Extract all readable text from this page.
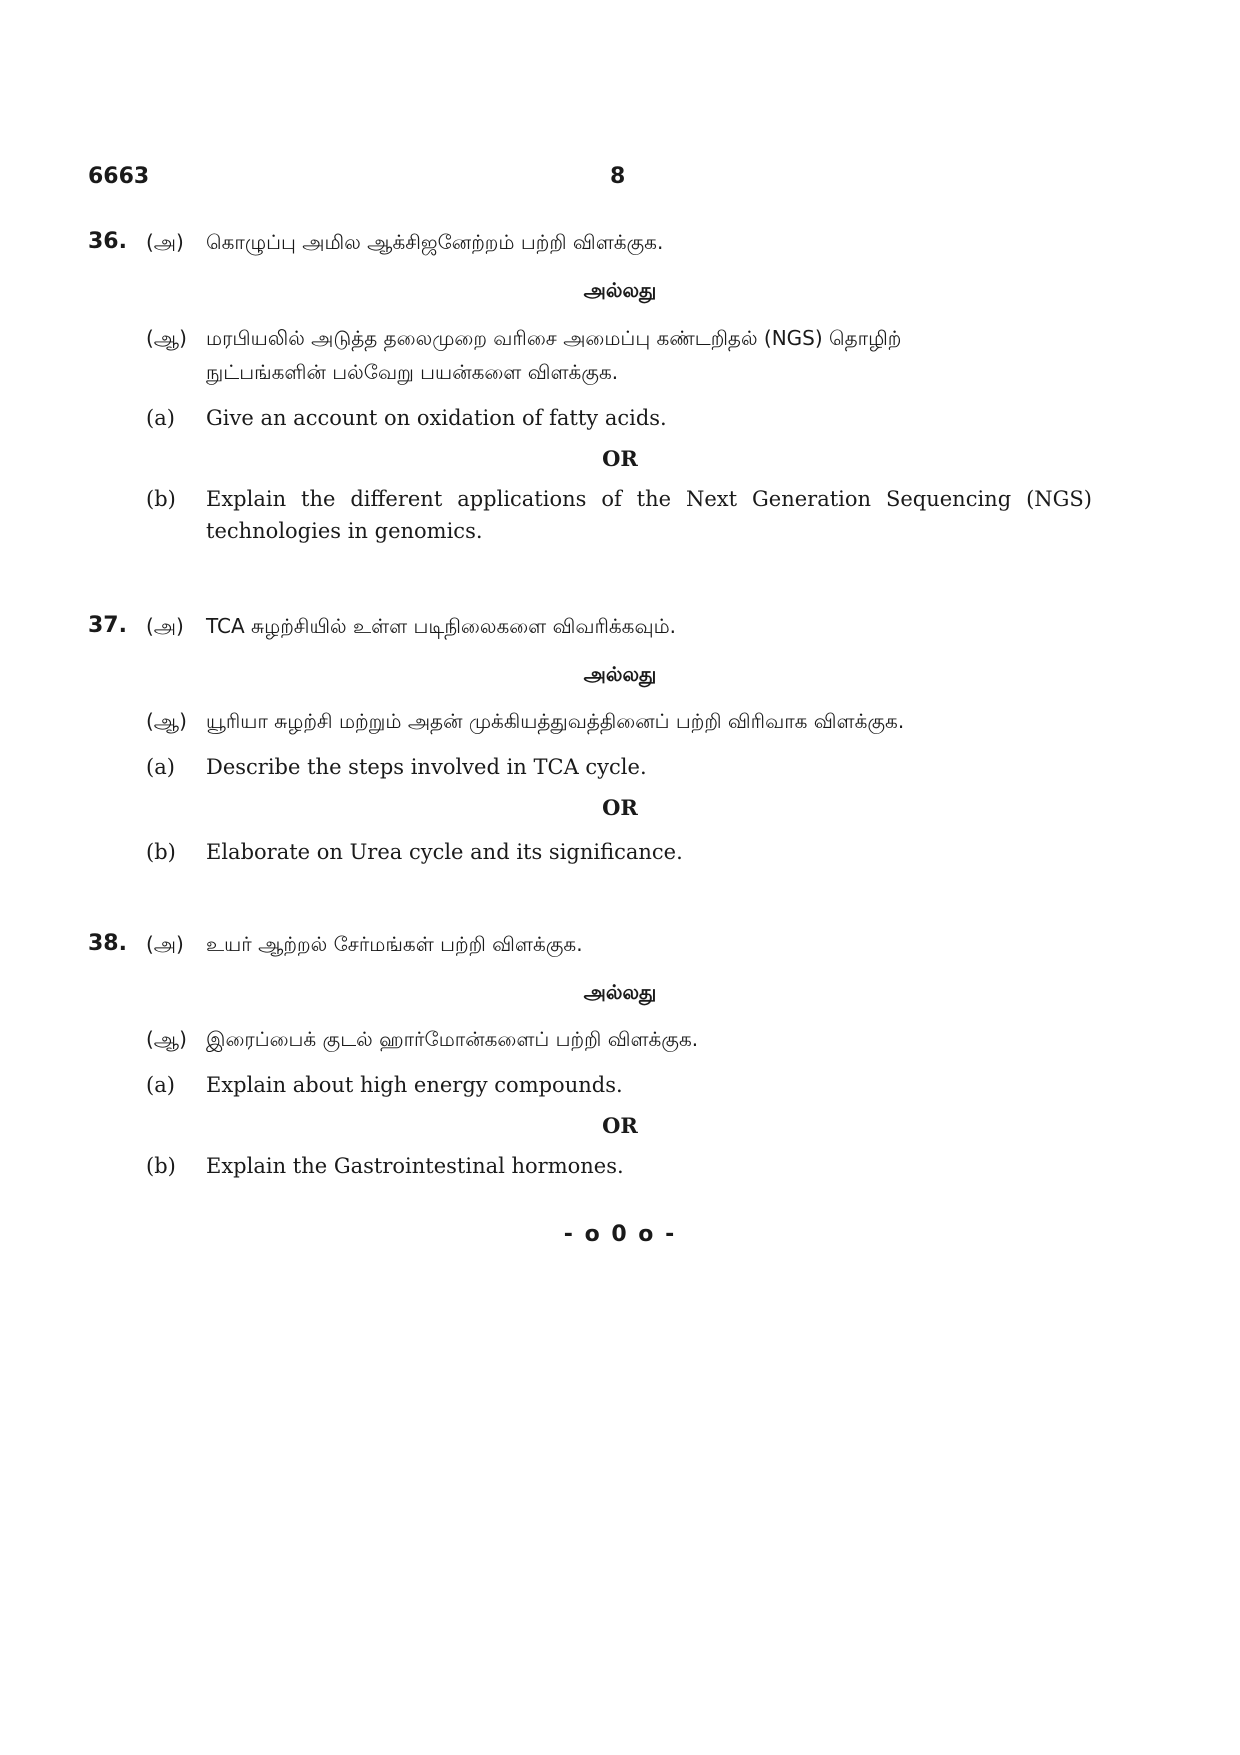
6663	8
36. (அ) கொழுப்பு அமில ஆக்சிஜனேற்றம் பற்றி விளக்குக.
அல்லது
(ஆ) மரபியலில் அடுத்த தலைமுறை வரிசை அமைப்பு கண்டறிதல் (NGS) தொழிற்
நுட்பங்களின் பல்வேறு பயன்களை விளக்குக.
(a) Give an account on oxidation of fatty acids.
OR
(b) Explain the different applications of the Next Generation Sequencing (NGS) technologies in genomics.
37. (அ) TCA சுழற்சியில் உள்ள படிநிலைகளை விவரிக்கவும்.
அல்லது
(ஆ) யூரியா சுழற்சி மற்றும் அதன் முக்கியத்துவத்தினைப் பற்றி விரிவாக விளக்குக.
(a) Describe the steps involved in TCA cycle.
OR
(b) Elaborate on Urea cycle and its significance.
38. (அ) உயர் ஆற்றல் சேர்மங்கள் பற்றி விளக்குக.
அல்லது
(ஆ) இரைப்பைக் குடல் ஹார்மோன்களைப் பற்றி விளக்குக.
(a) Explain about high energy compounds.
OR
(b) Explain the Gastrointestinal hormones.
- o 0 o -
